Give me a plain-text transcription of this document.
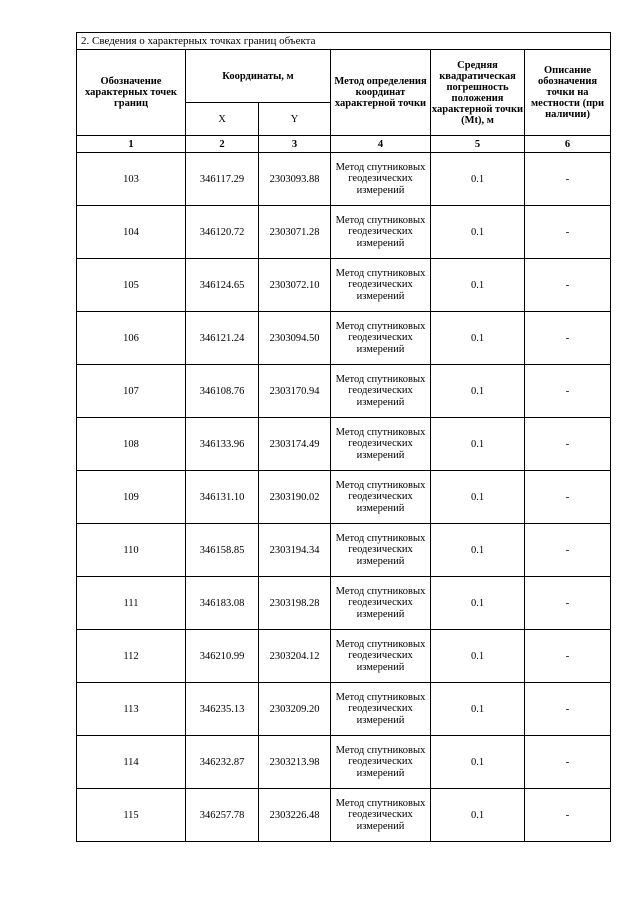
2. Сведения о характерных точках границ объекта					
Обозначение характерных точек границ	Координаты, м		Метод определения координат характерной точки	Средняя квадратическая погрешность положения характерной точки (Mt), м	Описание обозначения точки на местности (при наличии)
	X	Y			
1	2	3	4	5	6
103	346117.29	2303093.88	Метод спутниковых геодезических измерений	0.1	-
104	346120.72	2303071.28	Метод спутниковых геодезических измерений	0.1	-
105	346124.65	2303072.10	Метод спутниковых геодезических измерений	0.1	-
106	346121.24	2303094.50	Метод спутниковых геодезических измерений	0.1	-
107	346108.76	2303170.94	Метод спутниковых геодезических измерений	0.1	-
108	346133.96	2303174.49	Метод спутниковых геодезических измерений	0.1	-
109	346131.10	2303190.02	Метод спутниковых геодезических измерений	0.1	-
110	346158.85	2303194.34	Метод спутниковых геодезических измерений	0.1	-
111	346183.08	2303198.28	Метод спутниковых геодезических измерений	0.1	-
112	346210.99	2303204.12	Метод спутниковых геодезических измерений	0.1	-
113	346235.13	2303209.20	Метод спутниковых геодезических измерений	0.1	-
114	346232.87	2303213.98	Метод спутниковых геодезических измерений	0.1	-
115	346257.78	2303226.48	Метод спутниковых геодезических измерений	0.1	-
